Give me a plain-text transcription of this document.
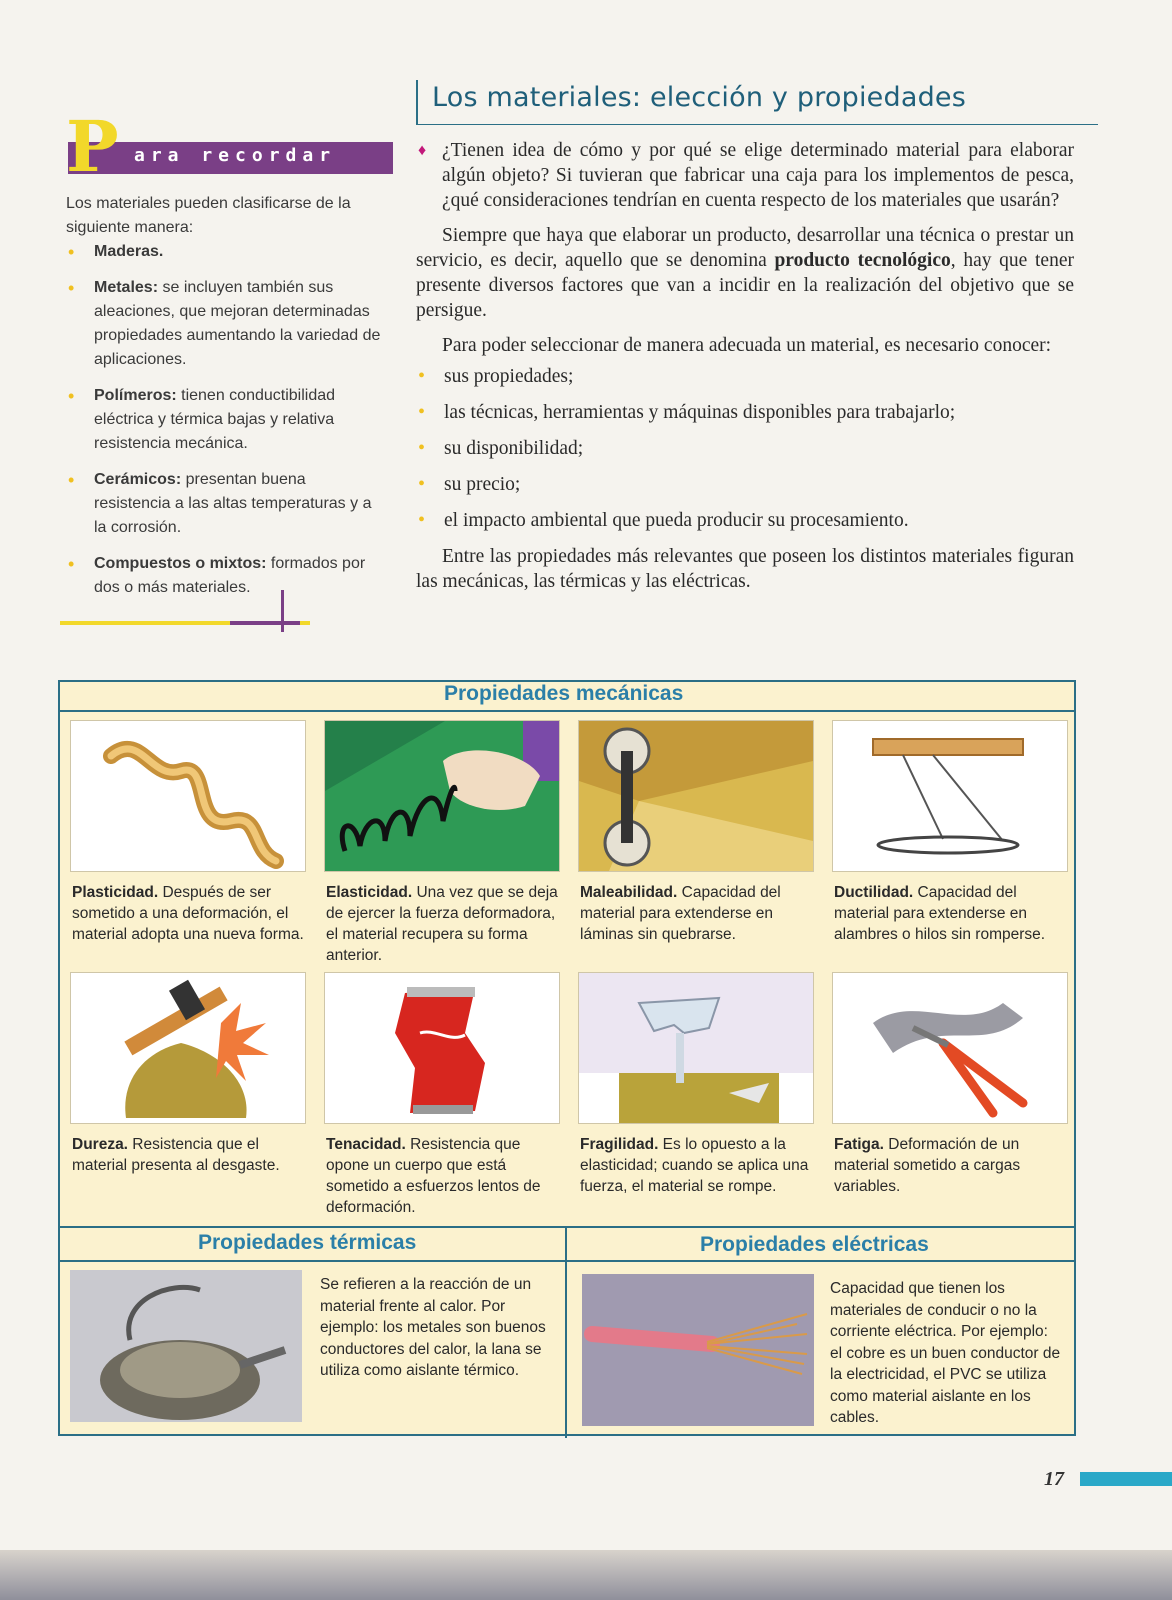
Los materiales: elección y propiedades
ara recordar
P
Los materiales pueden clasificarse de la siguiente manera:
• Maderas.
• Metales: se incluyen también sus aleaciones, que mejoran determinadas propiedades aumentando la variedad de aplicaciones.
• Polímeros: tienen conductibilidad eléctrica y térmica bajas y relativa resistencia mecánica.
• Cerámicos: presentan buena resistencia a las altas temperaturas y a la corrosión.
• Compuestos o mixtos: formados por dos o más materiales.

♦ ¿Tienen idea de cómo y por qué se elige determinado material para elaborar algún objeto? Si tuvieran que fabricar una caja para los implementos de pesca, ¿qué consideraciones tendrían en cuenta respecto de los materiales que usarán?

Siempre que haya que elaborar un producto, desarrollar una técnica o prestar un servicio, es decir, aquello que se denomina producto tecnológico, hay que tener presente diversos factores que van a incidir en la realización del objetivo que se persigue.

Para poder seleccionar de manera adecuada un material, es necesario conocer:

• sus propiedades;
• las técnicas, herramientas y máquinas disponibles para trabajarlo;
• su disponibilidad;
• su precio;
• el impacto ambiental que pueda producir su procesamiento.

Entre las propiedades más relevantes que poseen los distintos materiales figuran las mecánicas, las térmicas y las eléctricas.

Propiedades mecánicas
Plasticidad. Después de ser sometido a una deformación, el material adopta una nueva forma.
Elasticidad. Una vez que se deja de ejercer la fuerza deformadora, el material recupera su forma anterior.
Maleabilidad. Capacidad del material para extenderse en láminas sin quebrarse.
Ductilidad. Capacidad del material para extenderse en alambres o hilos sin romperse.
Dureza. Resistencia que el material presenta al desgaste.
Tenacidad. Resistencia que opone un cuerpo que está sometido a esfuerzos lentos de deformación.
Fragilidad. Es lo opuesto a la elasticidad; cuando se aplica una fuerza, el material se rompe.
Fatiga. Deformación de un material sometido a cargas variables.
Propiedades térmicas	Propiedades eléctricas
Se refieren a la reacción de un material frente al calor. Por ejemplo: los metales son buenos conductores del calor, la lana se utiliza como aislante térmico.
Capacidad que tienen los materiales de conducir o no la corriente eléctrica. Por ejemplo: el cobre es un buen conductor de la electricidad, el PVC se utiliza como material aislante en los cables.
17
